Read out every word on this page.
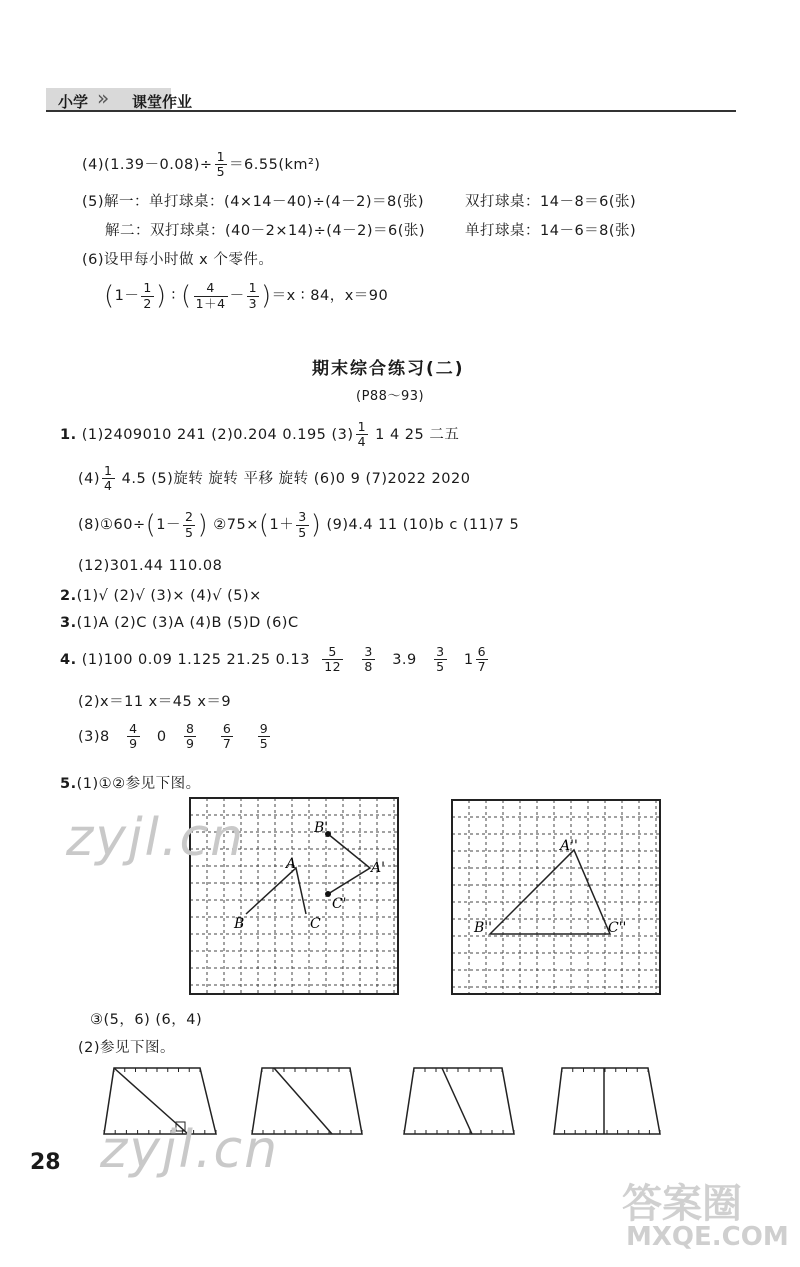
小学 » 课堂作业
$(4)(1.39-0.08)\div \frac{1}{5} =6.55(km^2)$
(5)解一：单打球桌：(4×14－40)÷(4－2)＝8(张)	双打球桌：14－8＝6(张)
解二：双打球桌：(40－2×14)÷(4－2)＝6(张)	单打球桌：14－6＝8(张)
(6)设甲每小时做 x 个零件。
($1- \frac{1}{2}$ ) ∶ ( $\frac{4}{1+4} - \frac{1}{3} )=x$ ∶ 84，x＝90
期末综合练习(二)
(P88～93)
1. (1)2409010 241 (2)0.204 0.195 $(3) \frac{1}{4} 1$ 4 25 二五
$(4) \frac{1}{4} 4.5$ (5)旋转 旋转 平移 旋转 (6)0 9 (7)2022 2020
(8)①60÷(1－ $\frac{2}{5}$ ) ②75×(1＋ $\frac{3}{5}$ ) (9)4.4 11 (10)b c (11)7 5
(12)301.44 110.08
2.(1)√ (2)√ (3)× (4)√ (5)×
3.(1)A (2)C (3)A (4)B (5)D (6)C
4. (1)100 0.09 1.125 21.25 $0.13 \frac{5}{12}$
$\frac{3}{8} 3.9 \frac{3}{5} 1 \frac{6}{7}$
(2)x＝11 x＝45 x＝9
$(3)8 \frac{4}{9} 0 \frac{8}{9}$
$\frac{6}{7}$
$\frac{9}{5}$
5.(1)①②参见下图。
A
B	C
A'
B'
C'
A''
B''	C''
③(5，6) (6，4)
(2)参见下图。
28
zyjl.cn
zyjl.cn
答案圈
MXQE.COM
